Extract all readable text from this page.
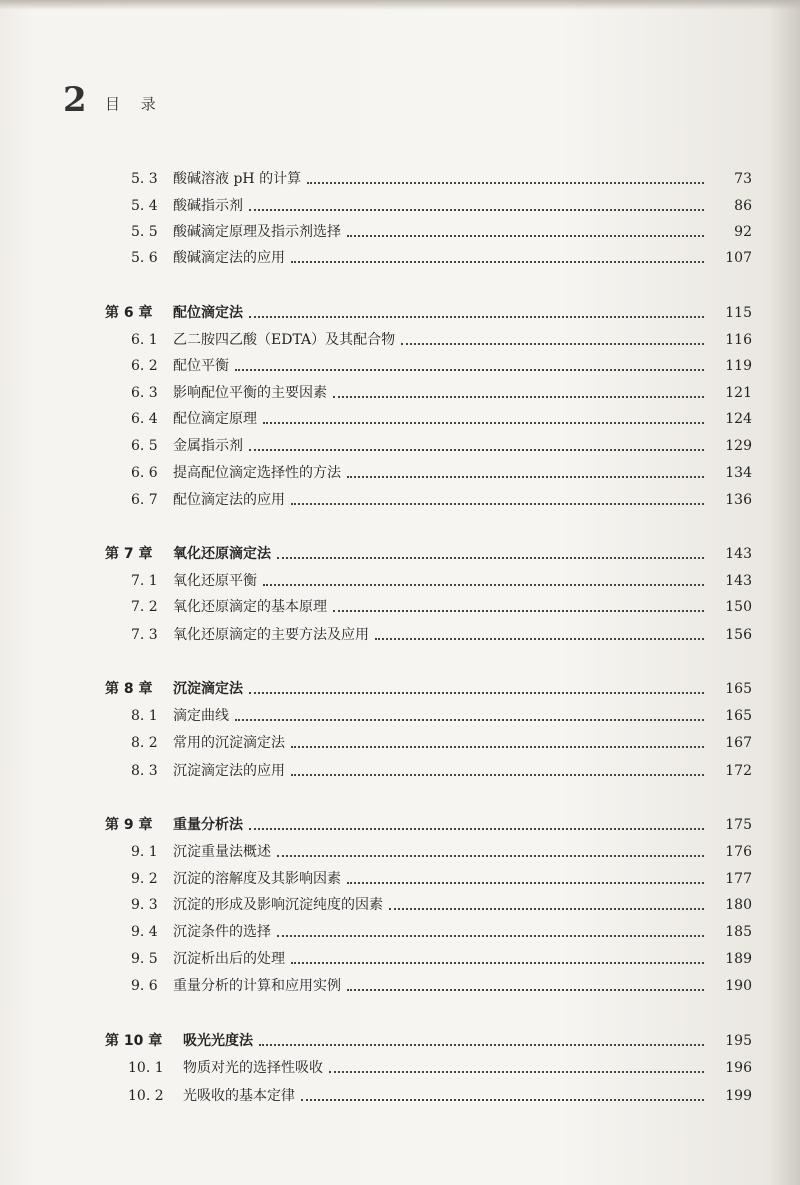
2 目 录
5. 3 酸碱溶液 pH 的计算	73
5. 4 酸碱指示剂	86
5. 5 酸碱滴定原理及指示剂选择	92
5. 6 酸碱滴定法的应用	107
第 6 章 配位滴定法	115
6. 1 乙二胺四乙酸（EDTA）及其配合物	116
6. 2 配位平衡	119
6. 3 影响配位平衡的主要因素	121
6. 4 配位滴定原理	124
6. 5 金属指示剂	129
6. 6 提高配位滴定选择性的方法	134
6. 7 配位滴定法的应用	136
第 7 章 氧化还原滴定法	143
7. 1 氧化还原平衡	143
7. 2 氧化还原滴定的基本原理	150
7. 3 氧化还原滴定的主要方法及应用	156
第 8 章 沉淀滴定法	165
8. 1 滴定曲线	165
8. 2 常用的沉淀滴定法	167
8. 3 沉淀滴定法的应用	172
第 9 章 重量分析法	175
9. 1 沉淀重量法概述	176
9. 2 沉淀的溶解度及其影响因素	177
9. 3 沉淀的形成及影响沉淀纯度的因素	180
9. 4 沉淀条件的选择	185
9. 5 沉淀析出后的处理	189
9. 6 重量分析的计算和应用实例	190
第 10 章 吸光光度法	195
10. 1 物质对光的选择性吸收	196
10. 2 光吸收的基本定律	199
